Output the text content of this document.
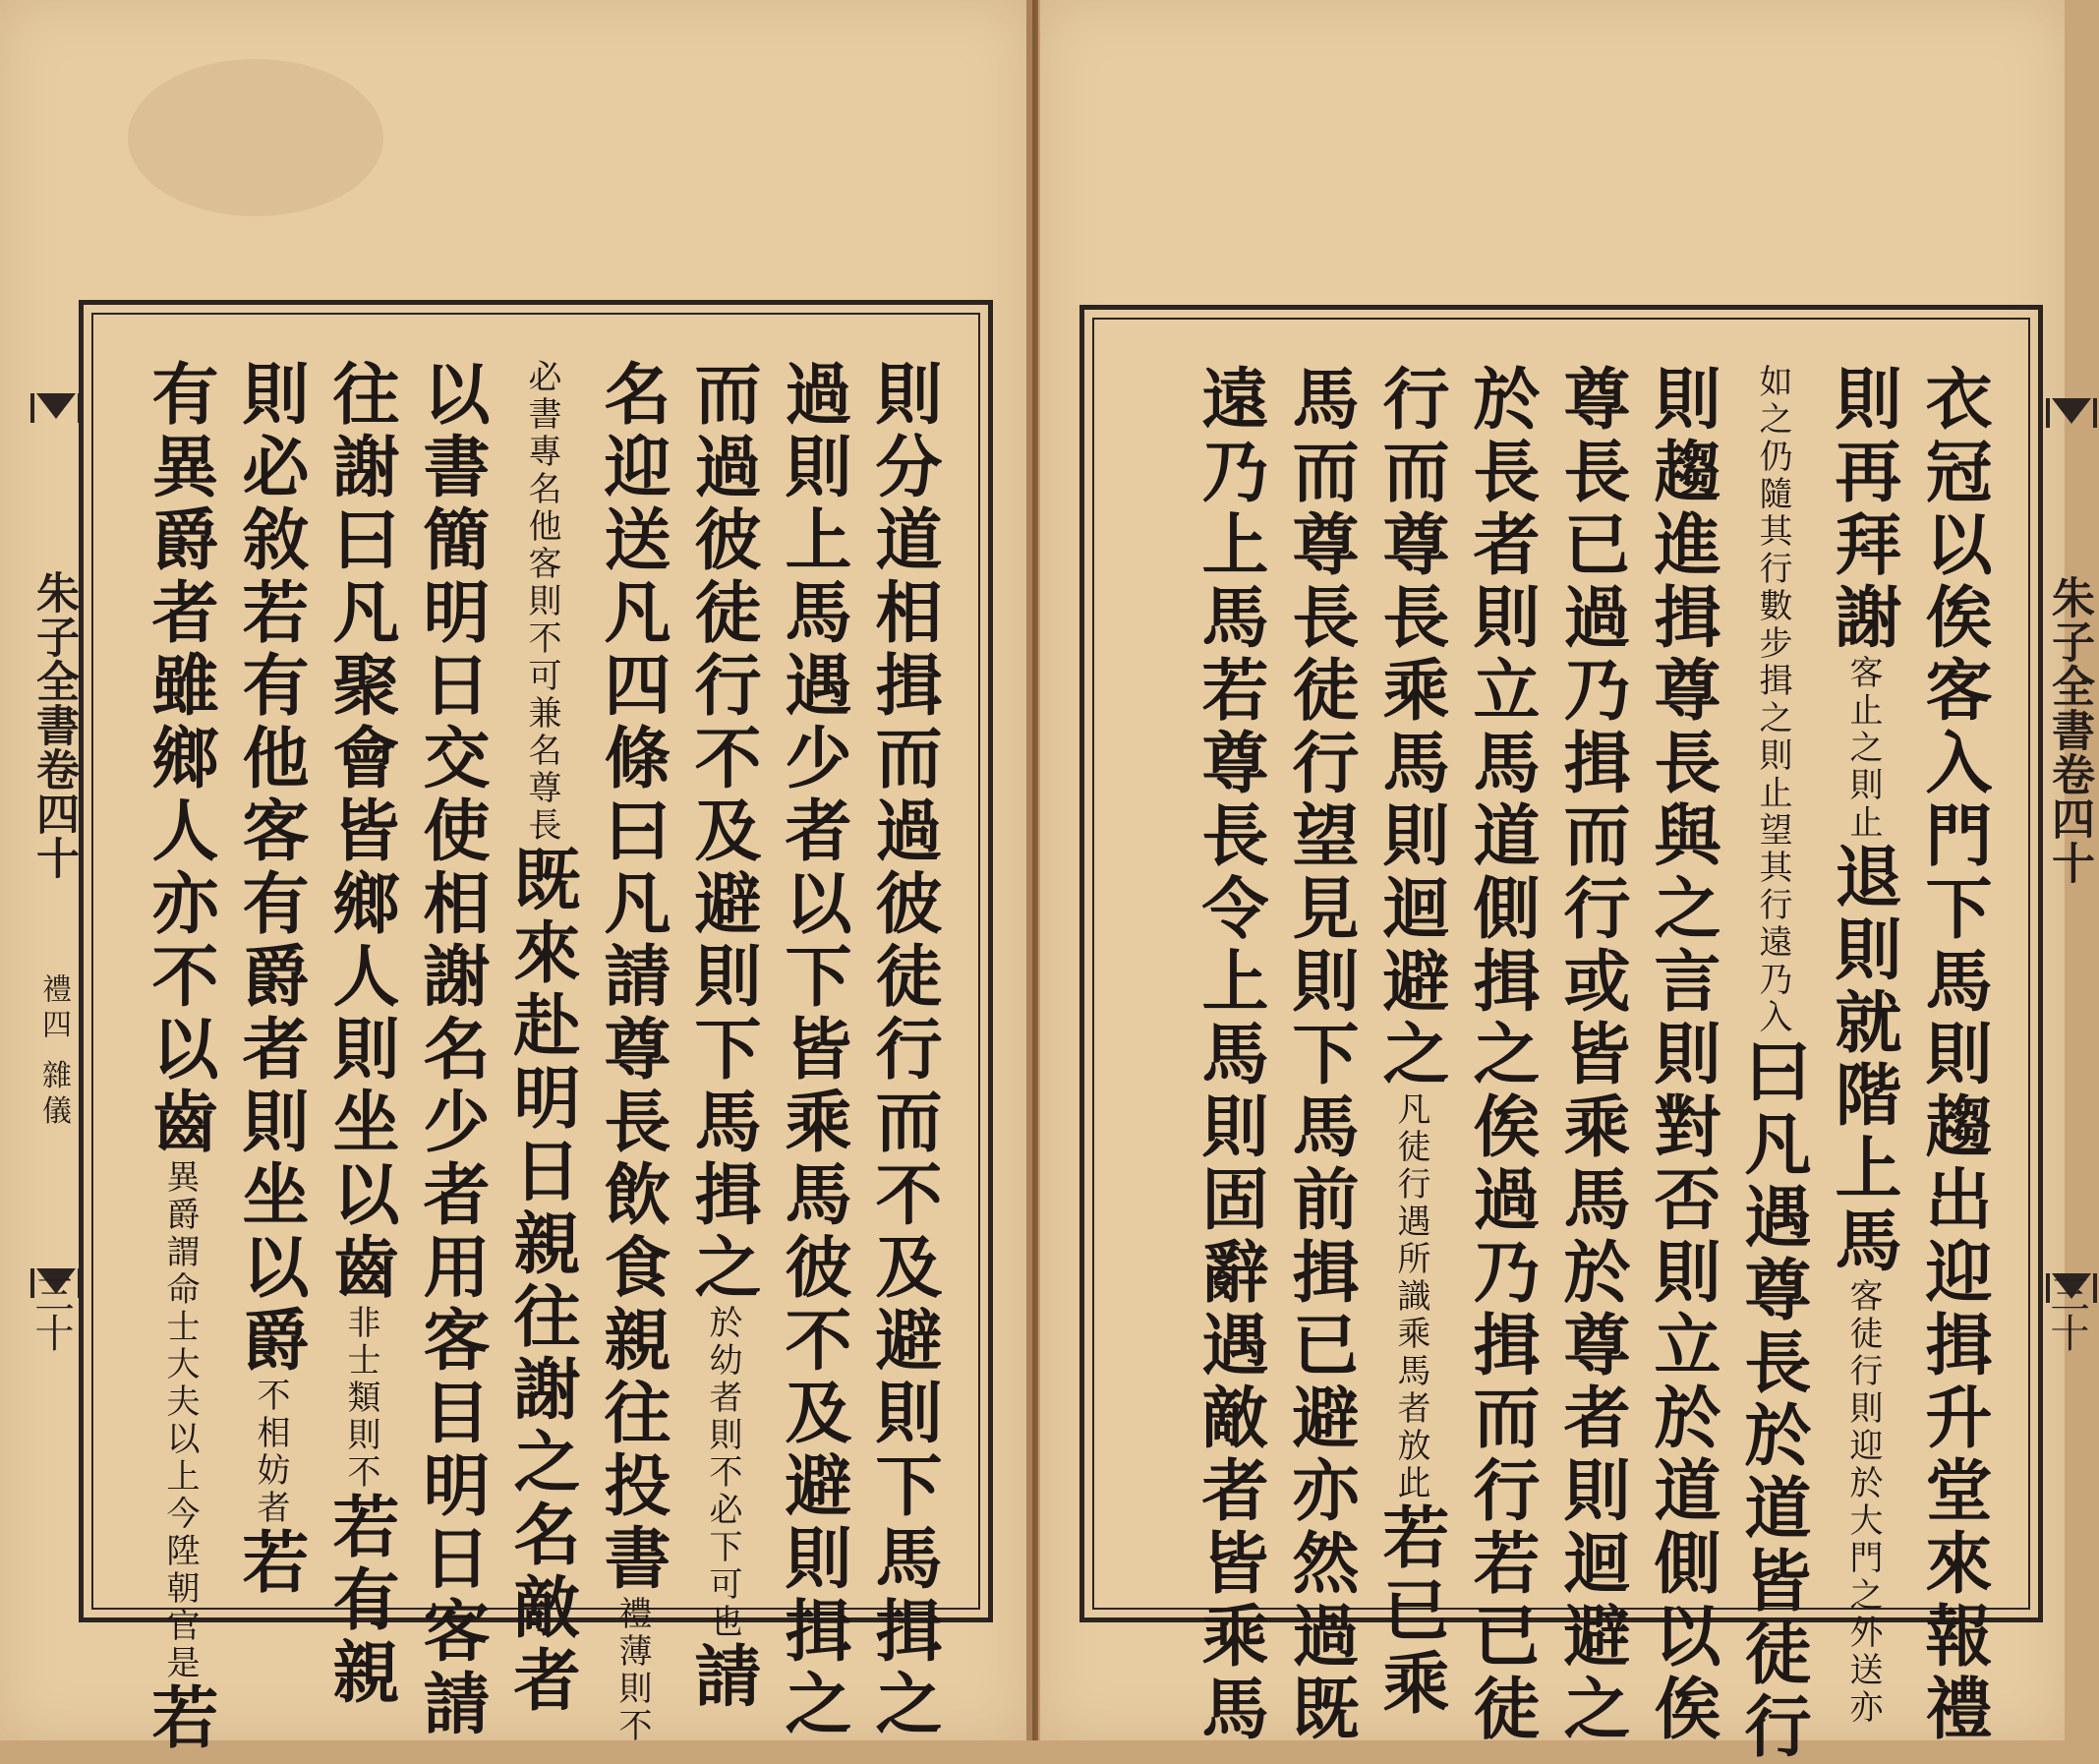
朱子全書卷四十
禮四 雜儀
三十	則分道相揖而過彼徒行而不及避則下馬揖之
過則上馬遇少者以下皆乘馬彼不及避則揖之
而過彼徒行不及避則下馬揖之於幼者則不必下可也請
名迎送凡四條曰凡請尊長飲食親往投書禮薄則不
必書專名他客則不可兼名尊長既來赴明日親往謝之名敵者
以書簡明日交使相謝名少者用客目明日客請
往謝曰凡聚會皆鄉人則坐以齒非士類則不若有親
則必敘若有他客有爵者則坐以爵不相妨者若
有異爵者雖鄉人亦不以齒異爵謂命士大夫以上今陞朝官是若
朱子全書卷四十
三十
衣冠以俟客入門下馬則趨出迎揖升堂來報禮
則再拜謝客止之則止退則就階上馬客徒行則迎於大門之外送亦
如之仍隨其行數步揖之則止望其行遠乃入曰凡遇尊長於道皆徒行
則趨進揖尊長與之言則對否則立於道側以俟
尊長已過乃揖而行或皆乘馬於尊者則迴避之
於長者則立馬道側揖之俟過乃揖而行若已徒
行而尊長乘馬則迴避之凡徒行遇所識乘馬者放此若已乘
馬而尊長徒行望見則下馬前揖已避亦然過既
遠乃上馬若尊長令上馬則固辭遇敵者皆乘馬
